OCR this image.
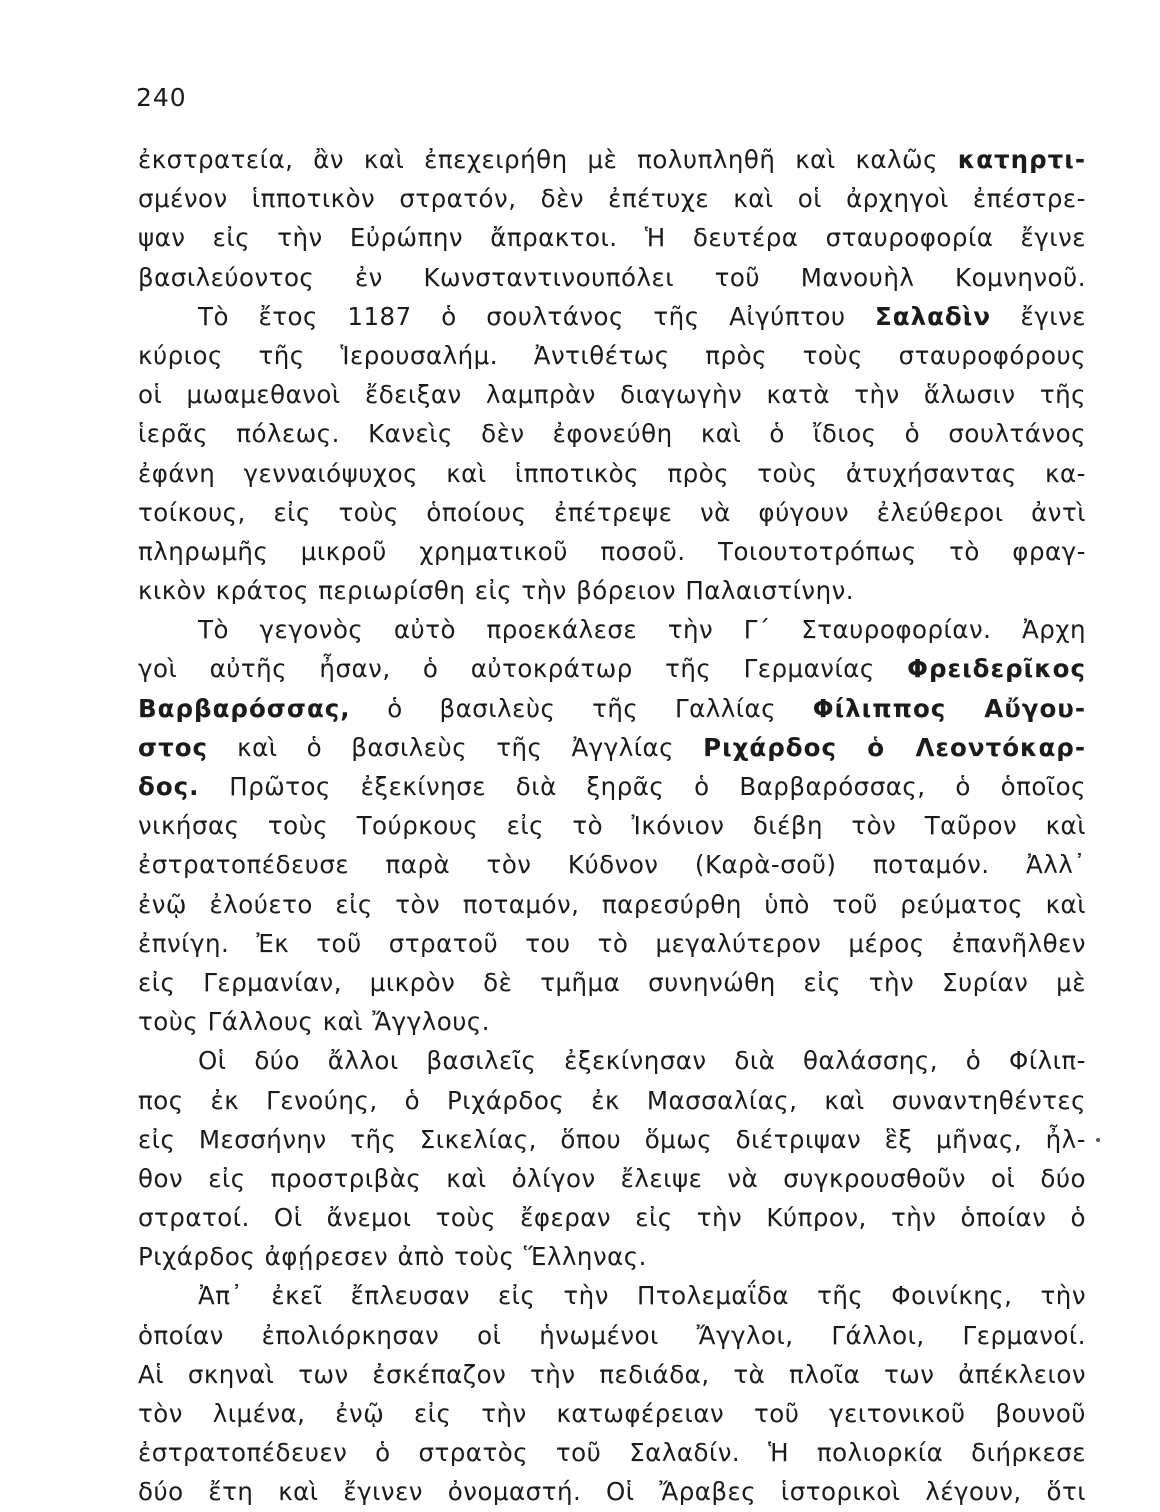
240
ἐκστρατεία, ἂν καὶ ἐπεχειρήθη μὲ πολυπληθῆ καὶ καλῶς κατηρτι-
σμένον ἱπποτικὸν στρατόν, δὲν ἐπέτυχε καὶ οἱ ἀρχηγοὶ ἐπέστρε-
ψαν εἰς τὴν Εὐρώπην ἄπρακτοι. Ἡ δευτέρα σταυροφορία ἔγινε
βασιλεύοντος ἐν Κωνσταντινουπόλει τοῦ Μανουὴλ Κομνηνοῦ.
Τὸ ἔτος 1187 ὁ σουλτάνος τῆς Αἰγύπτου Σαλαδὶν ἔγινε
κύριος τῆς Ἱερουσαλήμ. Ἀντιθέτως πρὸς τοὺς σταυροφόρους
οἱ μωαμεθανοὶ ἔδειξαν λαμπρὰν διαγωγὴν κατὰ τὴν ἅλωσιν τῆς
ἱερᾶς πόλεως. Κανεὶς δὲν ἐφονεύθη καὶ ὁ ἴδιος ὁ σουλτάνος
ἐφάνη γενναιόψυχος καὶ ἱπποτικὸς πρὸς τοὺς ἀτυχήσαντας κα-
τοίκους, εἰς τοὺς ὁποίους ἐπέτρεψε νὰ φύγουν ἐλεύθεροι ἀντὶ
πληρωμῆς μικροῦ χρηματικοῦ ποσοῦ. Τοιουτοτρόπως τὸ φραγ-
κικὸν κράτος περιωρίσθη εἰς τὴν βόρειον Παλαιστίνην.
Τὸ γεγονὸς αὐτὸ προεκάλεσε τὴν Γ΄ Σταυροφορίαν. Ἀρχη
γοὶ αὐτῆς ἦσαν, ὁ αὐτοκράτωρ τῆς Γερμανίας Φρειδερῖκος
Βαρβαρόσσας, ὁ βασιλεὺς τῆς Γαλλίας Φίλιππος Αὔγου-
στος καὶ ὁ βασιλεὺς τῆς Ἀγγλίας Ριχάρδος ὁ Λεοντόκαρ-
δος. Πρῶτος ἐξεκίνησε διὰ ξηρᾶς ὁ Βαρβαρόσσας, ὁ ὁποῖος
νικήσας τοὺς Τούρκους εἰς τὸ Ἰκόνιον διέβη τὸν Ταῦρον καὶ
ἐστρατοπέδευσε παρὰ τὸν Κύδνον (Καρὰ-σοῦ) ποταμόν. Ἀλλ᾿
ἐνῷ ἐλούετο εἰς τὸν ποταμόν, παρεσύρθη ὑπὸ τοῦ ρεύματος καὶ
ἐπνίγη. Ἐκ τοῦ στρατοῦ του τὸ μεγαλύτερον μέρος ἐπανῆλθεν
εἰς Γερμανίαν, μικρὸν δὲ τμῆμα συνηνώθη εἰς τὴν Συρίαν μὲ
τοὺς Γάλλους καὶ Ἄγγλους.
Οἱ δύο ἄλλοι βασιλεῖς ἐξεκίνησαν διὰ θαλάσσης, ὁ Φίλιπ-
πος ἐκ Γενούης, ὁ Ριχάρδος ἐκ Μασσαλίας, καὶ συναντηθέντες
εἰς Μεσσήνην τῆς Σικελίας, ὅπου ὅμως διέτριψαν ἓξ μῆνας, ἦλ-
θον εἰς προστριβὰς καὶ ὀλίγον ἔλειψε νὰ συγκρουσθοῦν οἱ δύο
στρατοί. Οἱ ἄνεμοι τοὺς ἔφεραν εἰς τὴν Κύπρον, τὴν ὁποίαν ὁ
Ριχάρδος ἀφῄρεσεν ἀπὸ τοὺς Ἕλληνας.
Ἀπ᾿ ἐκεῖ ἔπλευσαν εἰς τὴν Πτολεμαΐδα τῆς Φοινίκης, τὴν
ὁποίαν ἐπολιόρκησαν οἱ ἡνωμένοι Ἄγγλοι, Γάλλοι, Γερμανοί.
Αἱ σκηναὶ των ἐσκέπαζον τὴν πεδιάδα, τὰ πλοῖα των ἀπέκλειον
τὸν λιμένα, ἐνῷ εἰς τὴν κατωφέρειαν τοῦ γειτονικοῦ βουνοῦ
ἐστρατοπέδευεν ὁ στρατὸς τοῦ Σαλαδίν. Ἡ πολιορκία διήρκεσε
δύο ἔτη καὶ ἔγινεν ὀνομαστή. Οἱ Ἄραβες ἱστορικοὶ λέγουν, ὅτι
